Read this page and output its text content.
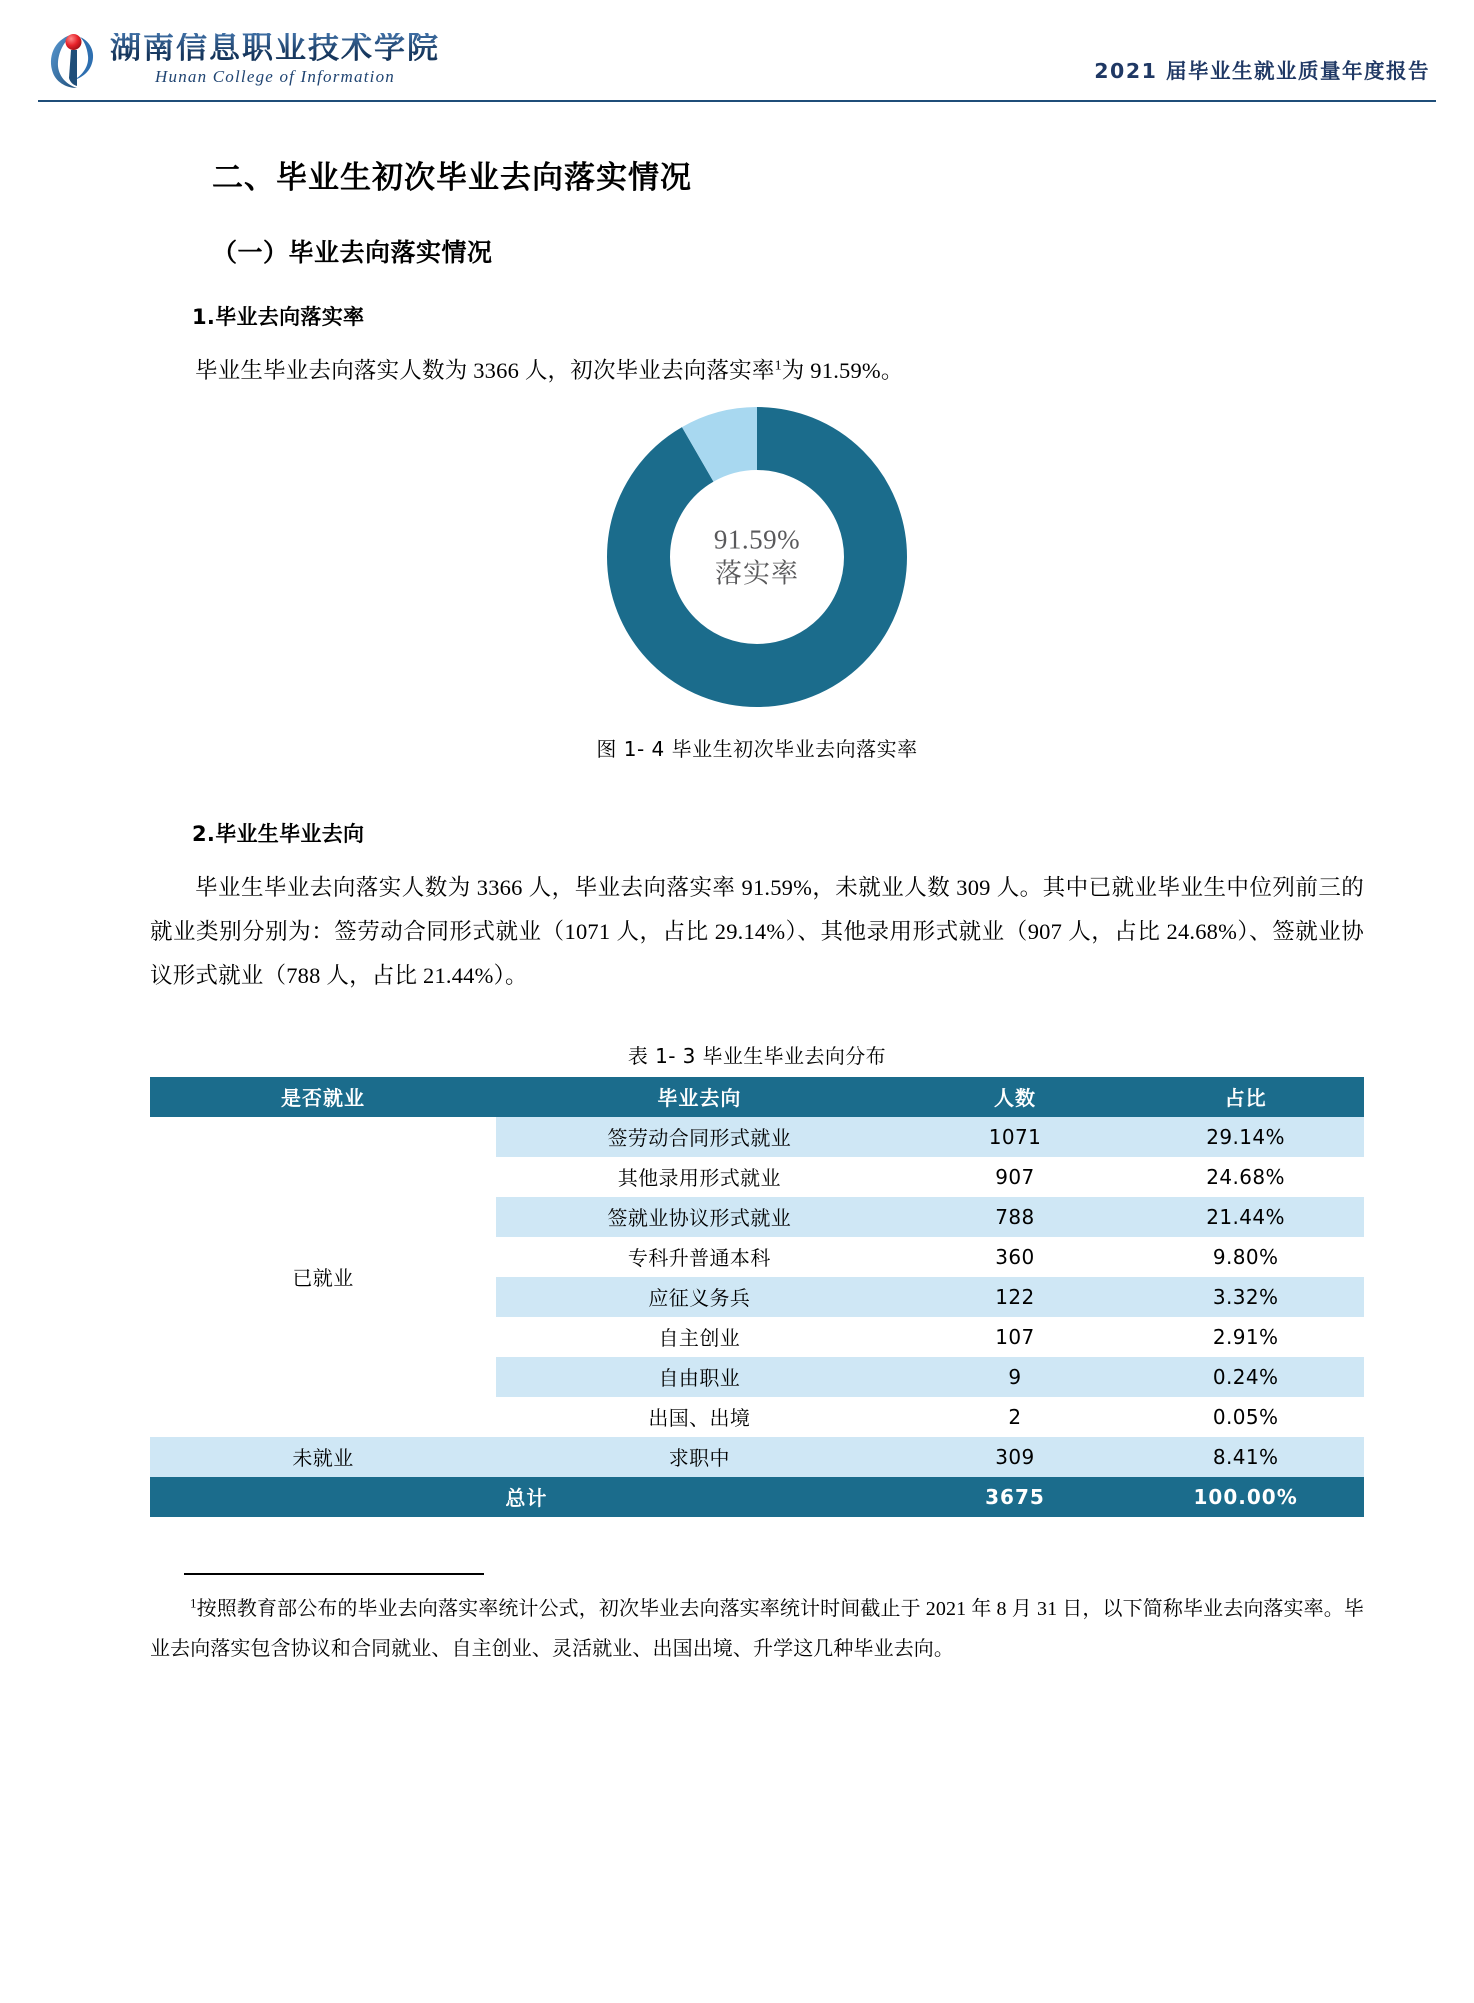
湖南信息职业技术学院
Hunan College of Information	2021 届毕业生就业质量年度报告
二、毕业生初次毕业去向落实情况
（一）毕业去向落实情况
1.毕业去向落实率

毕业生毕业去向落实人数为 3366 人，初次毕业去向落实率$^1$为 91.59%。

91.59%
落实率
图 1- 4 毕业生初次毕业去向落实率
2.毕业生毕业去向

毕业生毕业去向落实人数为 3366 人，毕业去向落实率 91.59%，未就业人数 309 人。其中已就业毕业生中位列前三的就业类别分别为：签劳动合同形式就业（1071 人，占比 29.14%）、其他录用形式就业（907 人，占比 24.68%）、签就业协议形式就业（788 人，占比 21.44%）。

表 1- 3 毕业生毕业去向分布
是否就业	毕业去向	人数	占比
已就业	签劳动合同形式就业	1071	29.14%
	其他录用形式就业	907	24.68%
	签就业协议形式就业	788	21.44%
	专科升普通本科	360	9.80%
	应征义务兵	122	3.32%
	自主创业	107	2.91%
	自由职业	9	0.24%
	出国、出境	2	0.05%
未就业	求职中	309	8.41%
总计		3675	100.00%
$^1$按照教育部公布的毕业去向落实率统计公式，初次毕业去向落实率统计时间截止于 2021 年 8 月 31 日，以下简称毕业去向落实率。毕业去向落实包含协议和合同就业、自主创业、灵活就业、出国出境、升学这几种毕业去向。
